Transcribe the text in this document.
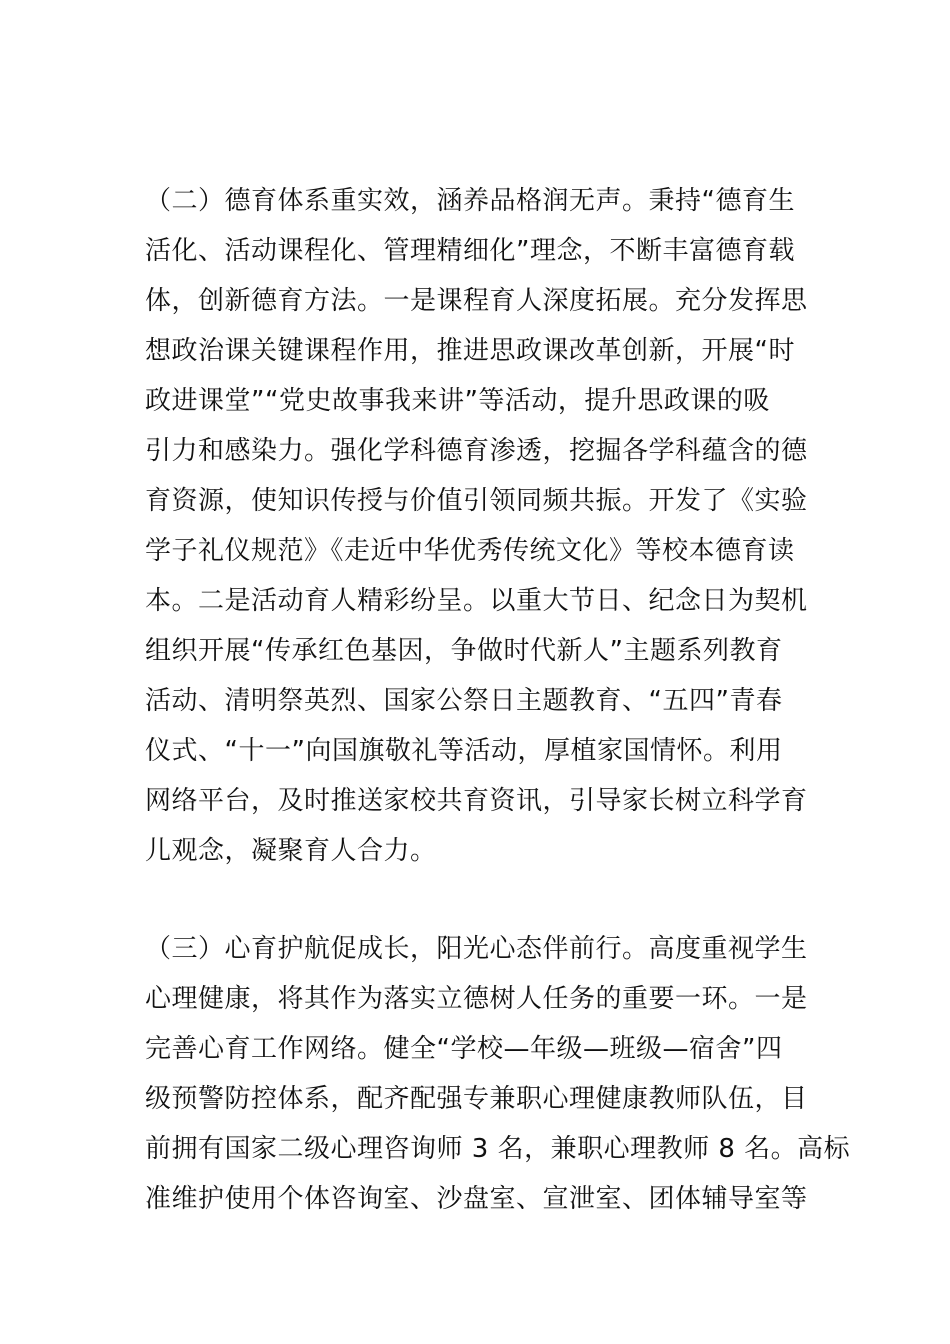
（二）德育体系重实效，涵养品格润无声。秉持“德育生
活化、活动课程化、管理精细化”理念，不断丰富德育载
体，创新德育方法。一是课程育人深度拓展。充分发挥思
想政治课关键课程作用，推进思政课改革创新，开展“时
政进课堂”“党史故事我来讲”等活动，提升思政课的吸
引力和感染力。强化学科德育渗透，挖掘各学科蕴含的德
育资源，使知识传授与价值引领同频共振。开发了《实验
学子礼仪规范》《走近中华优秀传统文化》等校本德育读
本。二是活动育人精彩纷呈。以重大节日、纪念日为契机
组织开展“传承红色基因，争做时代新人”主题系列教育
活动、清明祭英烈、国家公祭日主题教育、“五四”青春
仪式、“十一”向国旗敬礼等活动，厚植家国情怀。利用
网络平台，及时推送家校共育资讯，引导家长树立科学育
儿观念，凝聚育人合力。
（三）心育护航促成长，阳光心态伴前行。高度重视学生
心理健康，将其作为落实立德树人任务的重要一环。一是
完善心育工作网络。健全“学校—年级—班级—宿舍”四
级预警防控体系，配齐配强专兼职心理健康教师队伍，目
前拥有国家二级心理咨询师 3 名，兼职心理教师 8 名。高标
准维护使用个体咨询室、沙盘室、宣泄室、团体辅导室等
